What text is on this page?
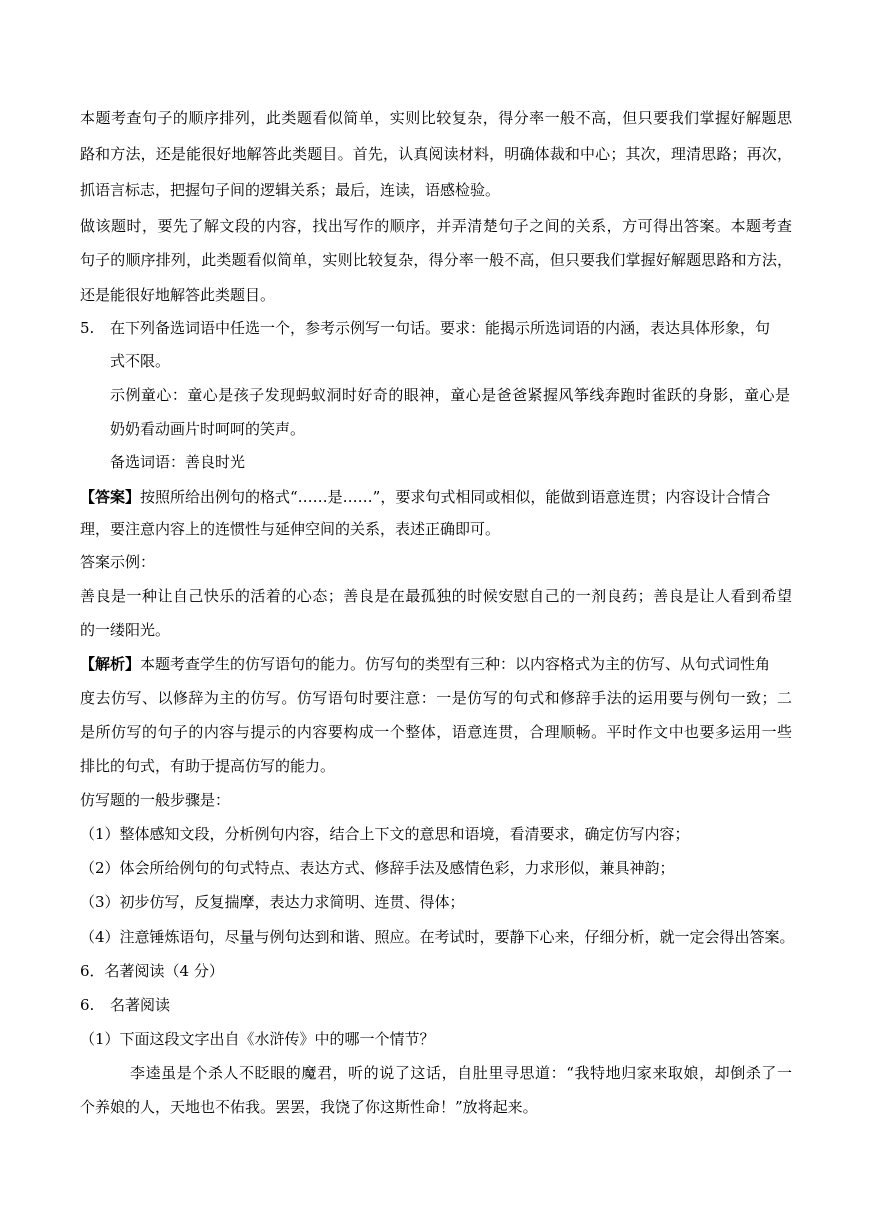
本题考查句子的顺序排列，此类题看似简单，实则比较复杂，得分率一般不高，但只要我们掌握好解题思
路和方法，还是能很好地解答此类题目。首先，认真阅读材料，明确体裁和中心；其次，理清思路；再次，
抓语言标志，把握句子间的逻辑关系；最后，连读，语感检验。
做该题时，要先了解文段的内容，找出写作的顺序，并弄清楚句子之间的关系，方可得出答案。本题考查
句子的顺序排列，此类题看似简单，实则比较复杂，得分率一般不高，但只要我们掌握好解题思路和方法，
还是能很好地解答此类题目。
5. 在下列备选词语中任选一个，参考示例写一句话。要求：能揭示所选词语的内涵，表达具体形象，句
式不限。
示例童心：童心是孩子发现蚂蚁洞时好奇的眼神，童心是爸爸紧握风筝线奔跑时雀跃的身影，童心是
奶奶看动画片时呵呵的笑声。
备选词语：善良时光
【答案】按照所给出例句的格式“……是……”，要求句式相同或相似，能做到语意连贯；内容设计合情合
理，要注意内容上的连惯性与延伸空间的关系，表述正确即可。
答案示例：
善良是一种让自己快乐的活着的心态；善良是在最孤独的时候安慰自己的一剂良药；善良是让人看到希望
的一缕阳光。
【解析】本题考查学生的仿写语句的能力。仿写句的类型有三种：以内容格式为主的仿写、从句式词性角
度去仿写、以修辞为主的仿写。仿写语句时要注意：一是仿写的句式和修辞手法的运用要与例句一致；二
是所仿写的句子的内容与提示的内容要构成一个整体，语意连贯，合理顺畅。平时作文中也要多运用一些
排比的句式，有助于提高仿写的能力。
仿写题的一般步骤是：
（1）整体感知文段，分析例句内容，结合上下文的意思和语境，看清要求，确定仿写内容；
（2）体会所给例句的句式特点、表达方式、修辞手法及感情色彩，力求形似，兼具神韵；
（3）初步仿写，反复揣摩，表达力求简明、连贯、得体；
（4）注意锤炼语句，尽量与例句达到和谐、照应。在考试时，要静下心来，仔细分析，就一定会得出答案。
6．名著阅读（4 分）
6. 名著阅读
（1）下面这段文字出自《水浒传》中的哪一个情节？
李逵虽是个杀人不眨眼的魔君，听的说了这话，自肚里寻思道：“我特地归家来取娘，却倒杀了一
个养娘的人，天地也不佑我。罢罢，我饶了你这斯性命！”放将起来。
